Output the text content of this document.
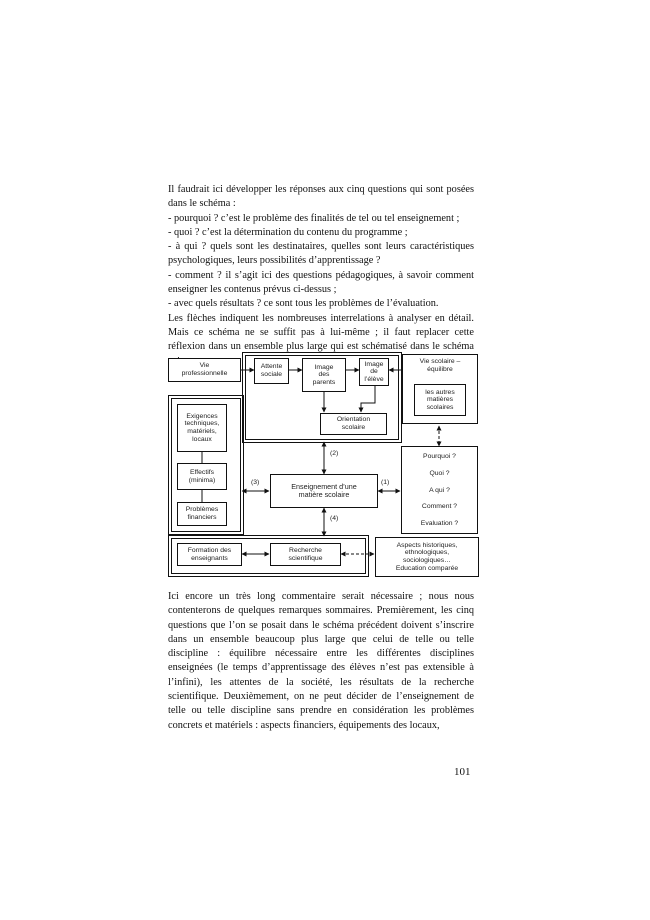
Il faudrait ici développer les réponses aux cinq questions qui sont posées dans le schéma :

- pourquoi ? c’est le problème des finalités de tel ou tel enseignement ;

- quoi ? c’est la détermination du contenu du programme ;

- à qui ? quels sont les destinataires, quelles sont leurs caractéristiques psychologiques, leurs possibilités d’apprentissage ?

- comment ? il s’agit ici des questions pédagogiques, à savoir comment enseigner les contenus prévus ci-dessus ;

- avec quels résultats ? ce sont tous les problèmes de l’évaluation.

Les flèches indiquent les nombreuses interrelations à analyser en détail. Mais ce schéma ne se suffit pas à lui-même ; il faut replacer cette réflexion dans un ensemble plus large qui est schématisé dans le schéma

Vie
professionnelle
Attente
sociale
Image
des
parents
Image
de
l’élève
Orientation
scolaire
Vie scolaire –
équilibre
les autres
matières
scolaires
Exigences
techniques,
matériels,
locaux
Effectifs
(minima)
Problèmes
financiers
Enseignement d’une
matière scolaire
Pourquoi ?
Quoi ?
A qui ?
Comment ?
Evaluation ?
Formation des
enseignants
Recherche
scientifique
Aspects historiques,
ethnologiques,
sociologiques…
Education comparée
(2)
(3)	(1)
(4)

Ici encore un très long commentaire serait nécessaire ; nous nous contenterons de quelques remarques sommaires. Premièrement, les cinq questions que l’on se posait dans le schéma précédent doivent s’inscrire dans un ensemble beaucoup plus large que celui de telle ou telle discipline : équilibre nécessaire entre les différentes disciplines enseignées (le temps d’apprentissage des élèves n’est pas extensible à l’infini), les attentes de la société, les résultats de la recherche scientifique. Deuxièmement, on ne peut décider de l’enseignement de telle ou telle discipline sans prendre en considération les problèmes concrets et matériels : aspects financiers, équipements des locaux,

101
